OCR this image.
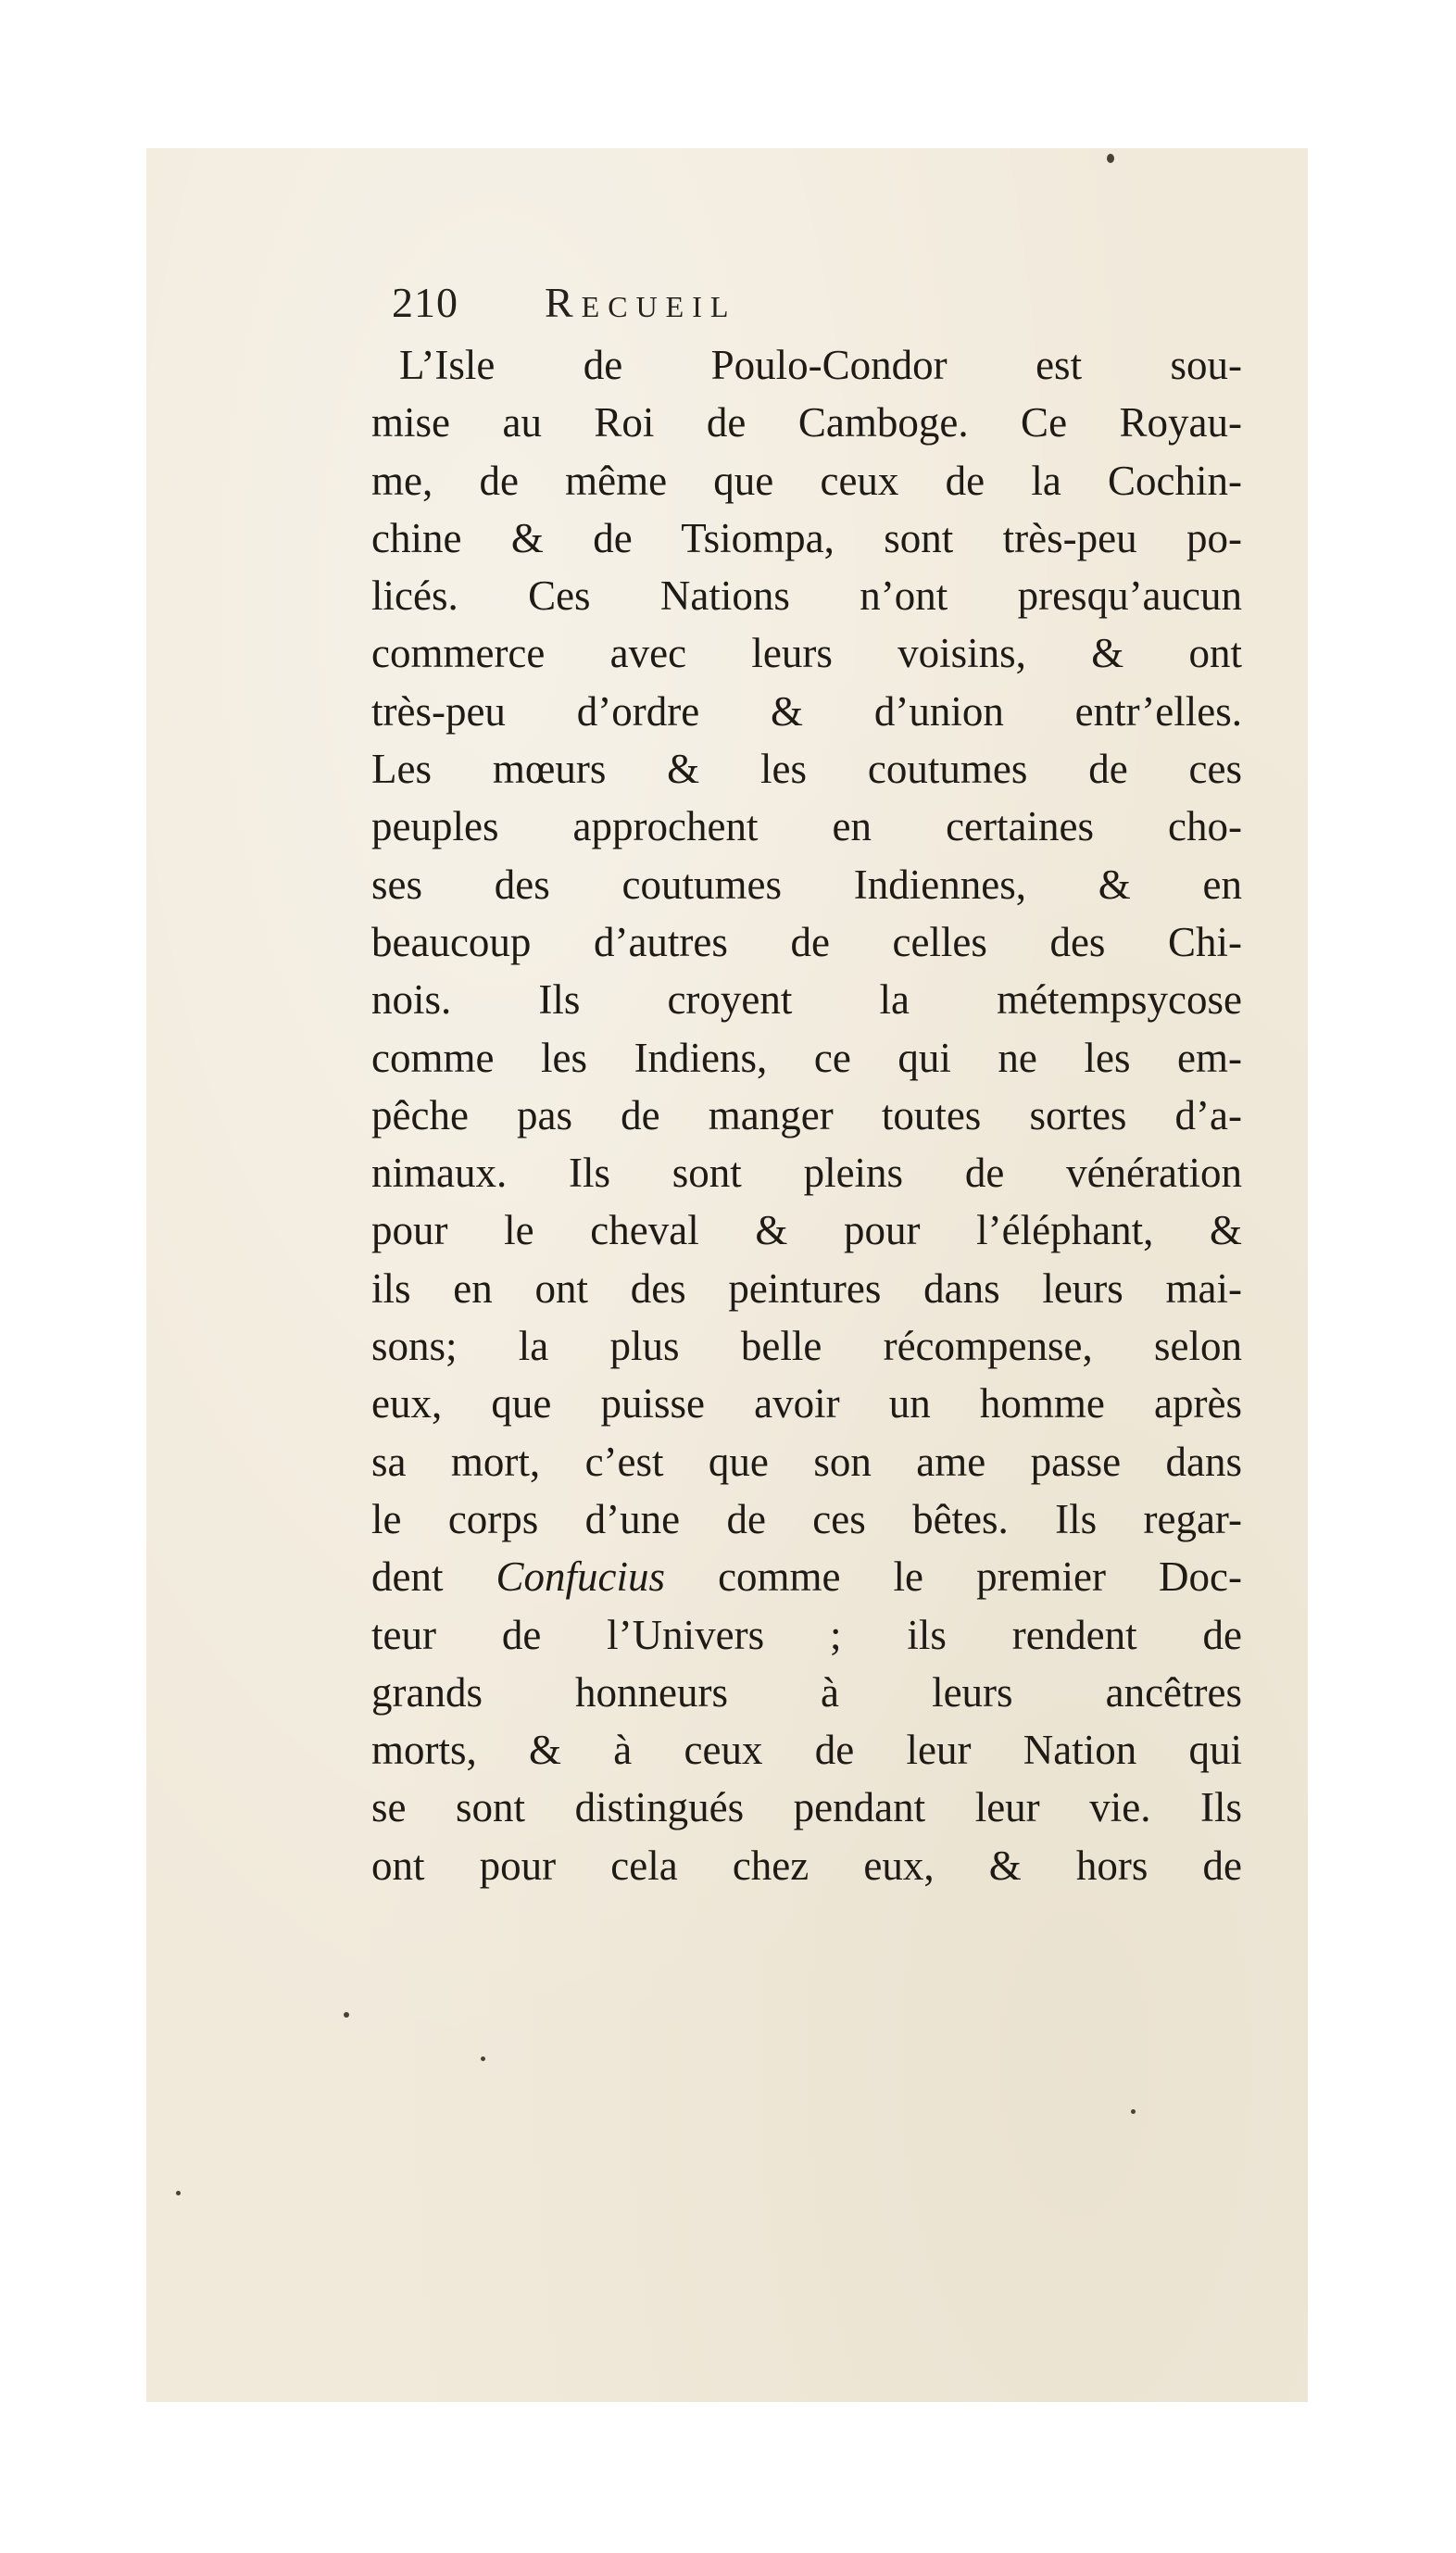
210 Recueil
L’Isle de Poulo-Condor est sou-
mise au Roi de Camboge. Ce Royau-
me, de même que ceux de la Cochin-
chine & de Tsiompa, sont très-peu po-
licés. Ces Nations n’ont presqu’aucun
commerce avec leurs voisins, & ont
très-peu d’ordre & d’union entr’elles.
Les mœurs & les coutumes de ces
peuples approchent en certaines cho-
ses des coutumes Indiennes, & en
beaucoup d’autres de celles des Chi-
nois. Ils croyent la métempsycose
comme les Indiens, ce qui ne les em-
pêche pas de manger toutes sortes d’a-
nimaux. Ils sont pleins de vénération
pour le cheval & pour l’éléphant, &
ils en ont des peintures dans leurs mai-
sons; la plus belle récompense, selon
eux, que puisse avoir un homme après
sa mort, c’est que son ame passe dans
le corps d’une de ces bêtes. Ils regar-
dent Confucius comme le premier Doc-
teur de l’Univers ; ils rendent de
grands honneurs à leurs ancêtres
morts, & à ceux de leur Nation qui
se sont distingués pendant leur vie. Ils
ont pour cela chez eux, & hors de
